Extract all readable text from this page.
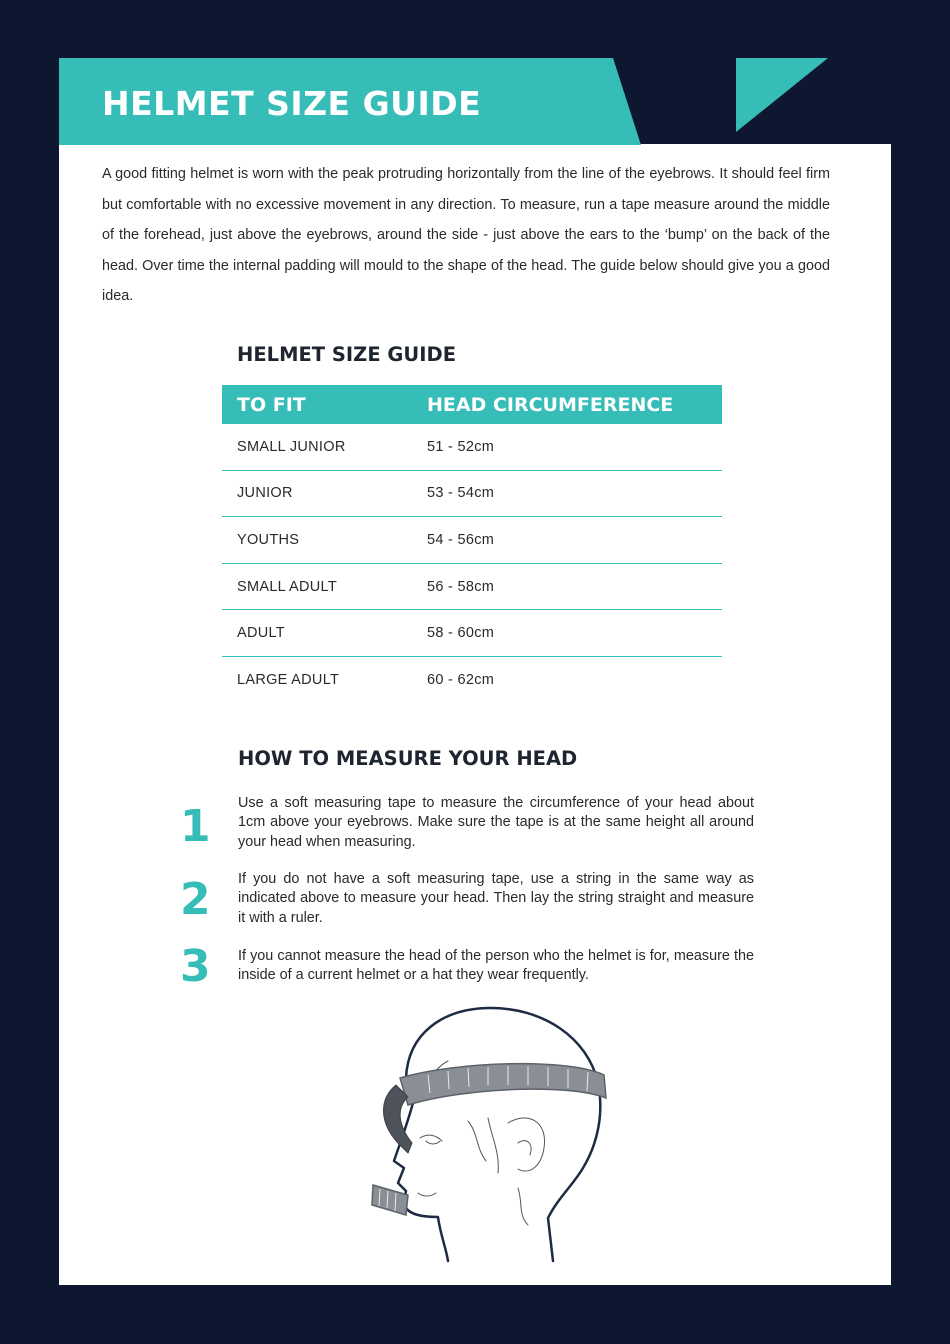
HELMET SIZE GUIDE

A good fitting helmet is worn with the peak protruding horizontally from the line of the eyebrows. It should feel firm but comfortable with no excessive movement in any direction. To measure, run a tape measure around the middle of the forehead, just above the eyebrows, around the side - just above the ears to the ‘bump’ on the back of the head. Over time the internal padding will mould to the shape of the head. The guide below should give you a good idea.

HELMET SIZE GUIDE
TO FIT	HEAD CIRCUMFERENCE
SMALL JUNIOR	51 - 52cm
JUNIOR	53 - 54cm
YOUTHS	54 - 56cm
SMALL ADULT	56 - 58cm
ADULT	58 - 60cm
LARGE ADULT	60 - 62cm
HOW TO MEASURE YOUR HEAD
1 Use a soft measuring tape to measure the circumference of your head about 1cm above your eyebrows. Make sure the tape is at the same height all around your head when measuring.

2 If you do not have a soft measuring tape, use a string in the same way as indicated above to measure your head. Then lay the string straight and measure it with a ruler.

3 If you cannot measure the head of the person who the helmet is for, measure the inside of a current helmet or a hat they wear frequently.
